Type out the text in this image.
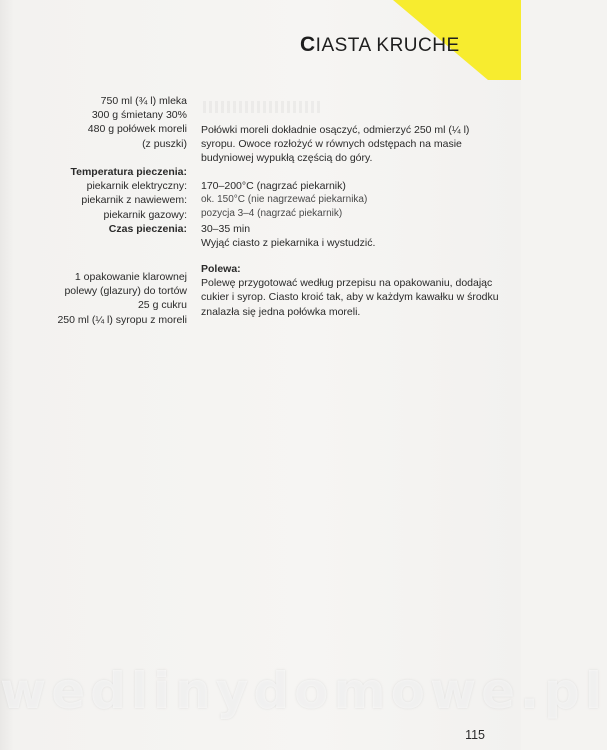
CIASTA KRUCHE
750 ml (¾ l) mleka
300 g śmietany 30%
480 g połówek moreli
(z puszki)
Połówki moreli dokładnie osączyć, odmierzyć 250 ml (¼ l)
syropu. Owoce rozłożyć w równych odstępach na masie
budyniowej wypukłą częścią do góry.
Temperatura pieczenia:
piekarnik elektryczny:
piekarnik z nawiewem:
piekarnik gazowy:
Czas pieczenia:
170–200°C (nagrzać piekarnik)
ok. 150°C (nie nagrzewać piekarnika)
pozycja 3–4 (nagrzać piekarnik)
30–35 min
Wyjąć ciasto z piekarnika i wystudzić.
Polewa:
Polewę przygotować według przepisu na opakowaniu, dodając
cukier i syrop. Ciasto kroić tak, aby w każdym kawałku w środku
znalazła się jedna połówka moreli.
1 opakowanie klarownej
polewy (glazury) do tortów
25 g cukru
250 ml (¼ l) syropu z moreli
wedlinydomowe.pl
115
